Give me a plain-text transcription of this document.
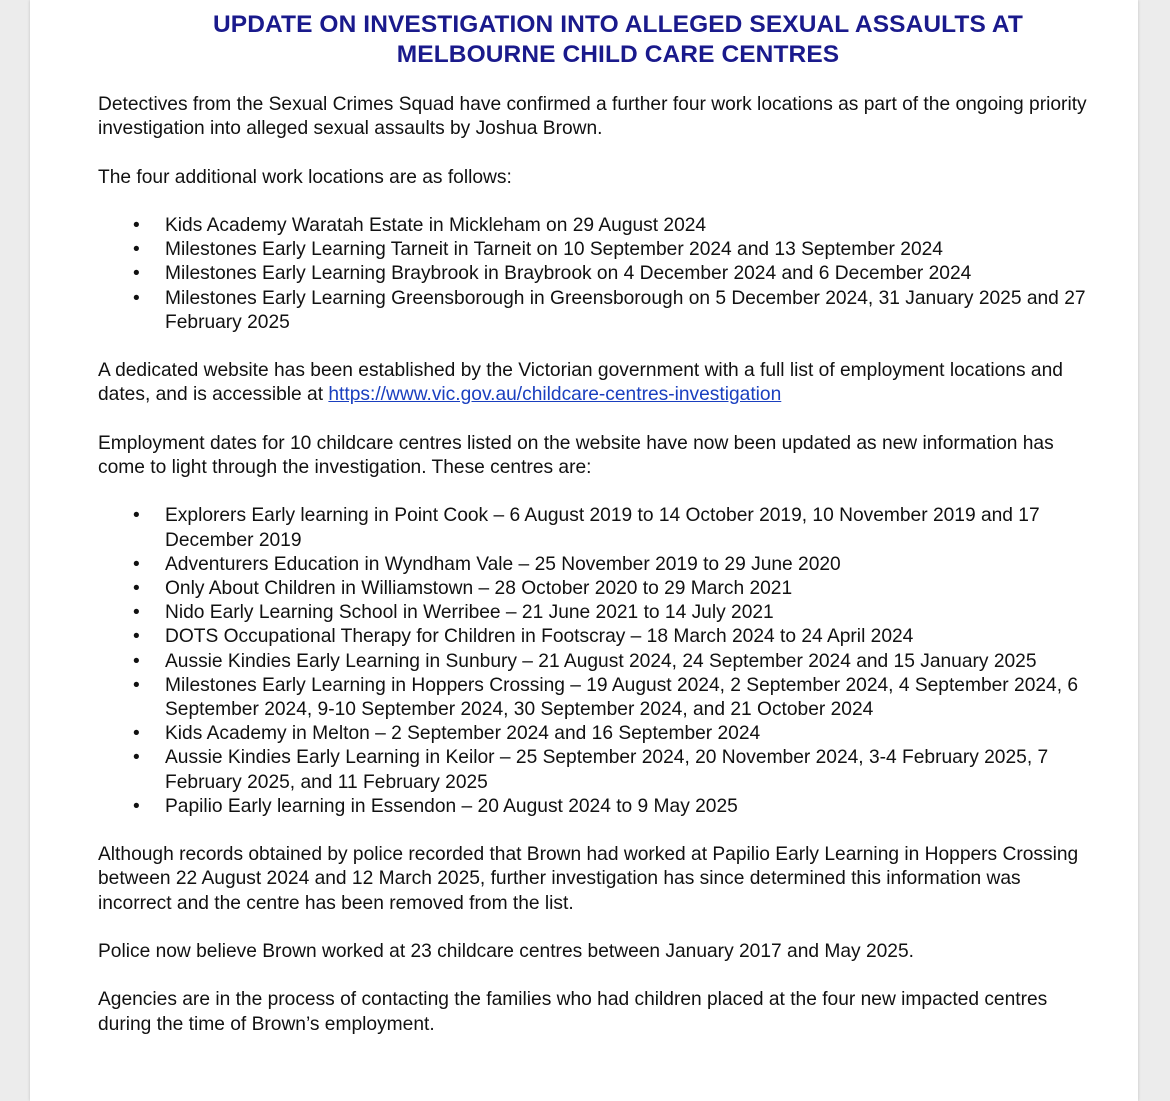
UPDATE ON INVESTIGATION INTO ALLEGED SEXUAL ASSAULTS AT
MELBOURNE CHILD CARE CENTRES

Detectives from the Sexual Crimes Squad have confirmed a further four work locations as part of the ongoing priority investigation into alleged sexual assaults by Joshua Brown.

The four additional work locations are as follows:

• Kids Academy Waratah Estate in Mickleham on 29 August 2024
• Milestones Early Learning Tarneit in Tarneit on 10 September 2024 and 13 September 2024
• Milestones Early Learning Braybrook in Braybrook on 4 December 2024 and 6 December 2024
• Milestones Early Learning Greensborough in Greensborough on 5 December 2024, 31 January 2025 and 27 February 2025

A dedicated website has been established by the Victorian government with a full list of employment locations and dates, and is accessible at https://www.vic.gov.au/childcare-centres-investigation

Employment dates for 10 childcare centres listed on the website have now been updated as new information has come to light through the investigation. These centres are:

• Explorers Early learning in Point Cook – 6 August 2019 to 14 October 2019, 10 November 2019 and 17 December 2019
• Adventurers Education in Wyndham Vale – 25 November 2019 to 29 June 2020
• Only About Children in Williamstown – 28 October 2020 to 29 March 2021
• Nido Early Learning School in Werribee – 21 June 2021 to 14 July 2021
• DOTS Occupational Therapy for Children in Footscray – 18 March 2024 to 24 April 2024
• Aussie Kindies Early Learning in Sunbury – 21 August 2024, 24 September 2024 and 15 January 2025
• Milestones Early Learning in Hoppers Crossing – 19 August 2024, 2 September 2024, 4 September 2024, 6 September 2024, 9-10 September 2024, 30 September 2024, and 21 October 2024
• Kids Academy in Melton – 2 September 2024 and 16 September 2024
• Aussie Kindies Early Learning in Keilor – 25 September 2024, 20 November 2024, 3-4 February 2025, 7 February 2025, and 11 February 2025
• Papilio Early learning in Essendon – 20 August 2024 to 9 May 2025

Although records obtained by police recorded that Brown had worked at Papilio Early Learning in Hoppers Crossing between 22 August 2024 and 12 March 2025, further investigation has since determined this information was incorrect and the centre has been removed from the list.

Police now believe Brown worked at 23 childcare centres between January 2017 and May 2025.

Agencies are in the process of contacting the families who had children placed at the four new impacted centres during the time of Brown’s employment.
